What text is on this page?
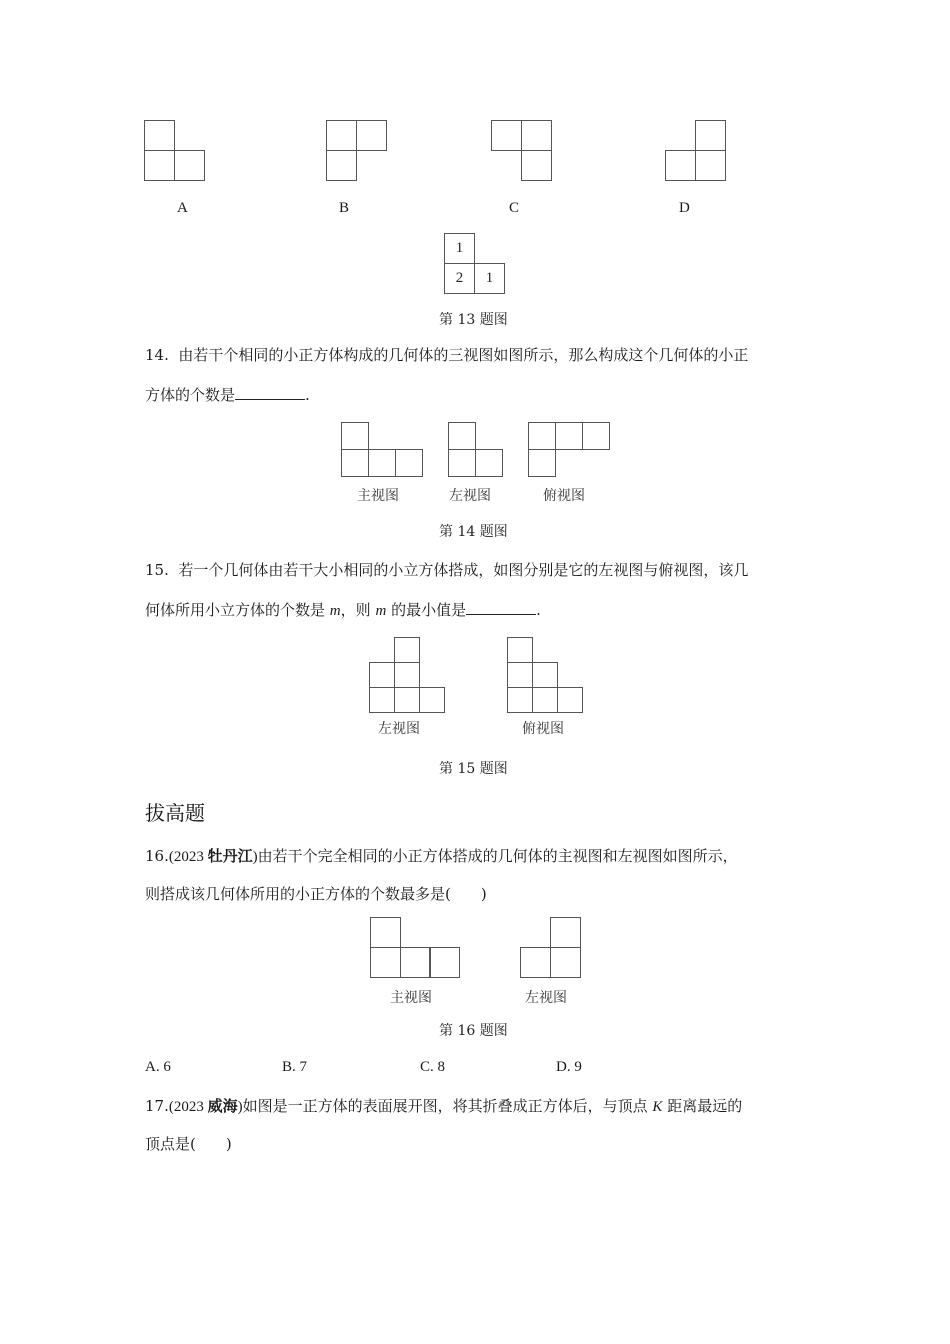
A	B	C	D
1
2	1
第 13 题图
14. 由若干个相同的小正方体构成的几何体的三视图如图所示，那么构成这个几何体的小正
方体的个数是	.
主视图	左视图	俯视图
第 14 题图
15. 若一个几何体由若干大小相同的小立方体搭成，如图分别是它的左视图与俯视图，该几
何体所用小立方体的个数是 m，则 m 的最小值是	.
左视图	俯视图
第 15 题图
拔高题
16.(2023 牡丹江)由若干个完全相同的小正方体搭成的几何体的主视图和左视图如图所示，
则搭成该几何体所用的小正方体的个数最多是( )
主视图	左视图
第 16 题图
A. 6	B. 7	C. 8	D. 9
17.(2023 威海)如图是一正方体的表面展开图，将其折叠成正方体后，与顶点 K 距离最远的
顶点是( )
